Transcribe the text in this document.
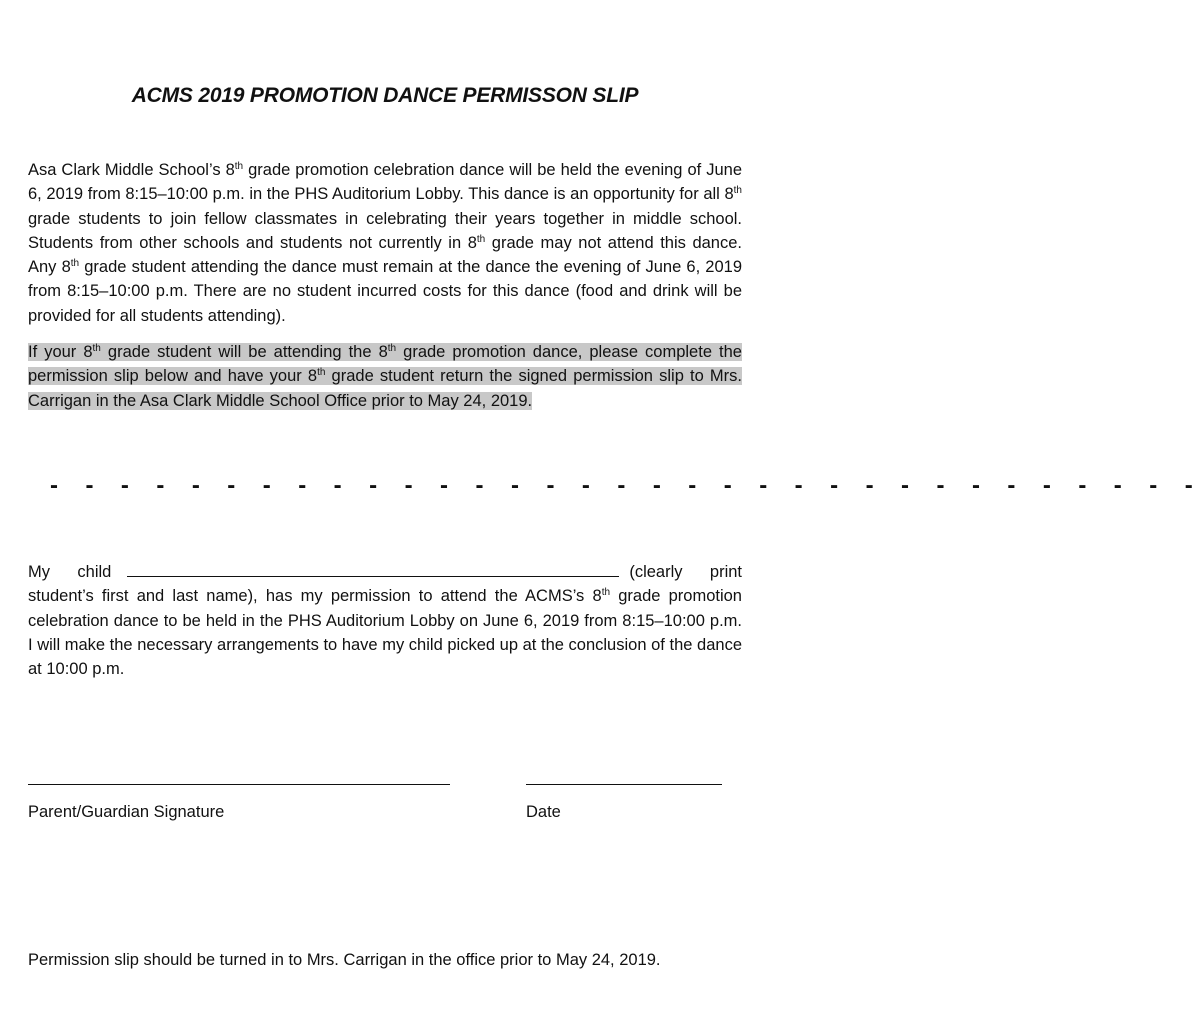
ACMS 2019 PROMOTION DANCE PERMISSON SLIP
Asa Clark Middle School’s 8th grade promotion celebration dance will be held the evening of June 6, 2019 from 8:15–10:00 p.m. in the PHS Auditorium Lobby. This dance is an opportunity for all 8th grade students to join fellow classmates in celebrating their years together in middle school. Students from other schools and students not currently in 8th grade may not attend this dance. Any 8th grade student attending the dance must remain at the dance the evening of June 6, 2019 from 8:15–10:00 p.m. There are no student incurred costs for this dance (food and drink will be provided for all students attending).
If your 8th grade student will be attending the 8th grade promotion dance, please complete the permission slip below and have your 8th grade student return the signed permission slip to Mrs. Carrigan in the Asa Clark Middle School Office prior to May 24, 2019.
- - - - - - - - - - - - - - - - - - - - - - - - - - - - - - - - -
My child	(clearly print student’s first and last name), has my permission to attend the ACMS’s 8th grade promotion celebration dance to be held in the PHS Auditorium Lobby on June 6, 2019 from 8:15–10:00 p.m. I will make the necessary arrangements to have my child picked up at the conclusion of the dance at 10:00 p.m.
Parent/Guardian Signature	Date
Permission slip should be turned in to Mrs. Carrigan in the office prior to May 24, 2019.
